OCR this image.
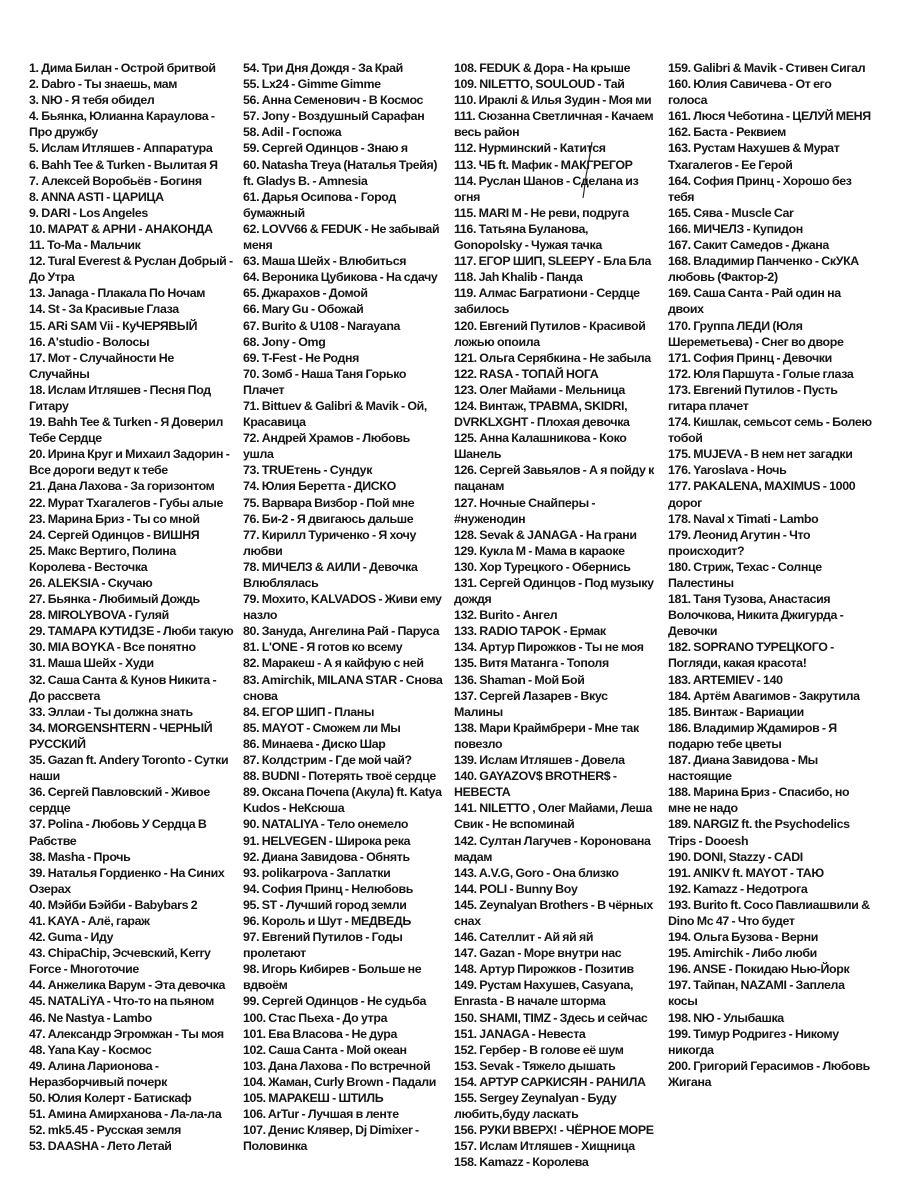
1. Дима Билан - Острой бритвой
2. Dabro - Ты знаешь, мам
3. NЮ - Я тебя обидел
4. Бьянка, Юлианна Караулова - Про дружбу
5. Ислам Итляшев - Аппаратура
6. Bahh Tee & Turken - Вылитая Я
7. Алексей Воробьёв - Богиня
8. ANNA ASTI - ЦАРИЦА
9. DARI - Los Angeles
10. МАРАТ & АРНИ - АНАКОНДА
11. То-Ма - Мальчик
12. Tural Everest & Руслан Добрый - До Утра
13. Janaga - Плакала По Ночам
14. St - За Красивые Глаза
15. ARi SAM Vii - КуЧЕРЯВЫЙ
16. A'studio - Волосы
17. Мот - Случайности Не Случайны
18. Ислам Итляшев - Песня Под Гитару
19. Bahh Tee & Turken - Я Доверил Тебе Сердце
20. Ирина Круг и Михаил Задорин - Все дороги ведут к тебе
21. Дана Лахова - За горизонтом
22. Мурат Тхагалегов - Губы алые
23. Марина Бриз - Ты со мной
24. Сергей Одинцов - ВИШНЯ
25. Макс Вертиго, Полина Королева - Весточка
26. ALEKSIA - Скучаю
27. Бьянка - Любимый Дождь
28. MIROLYBOVA - Гуляй
29. ТАМАРА КУТИДЗЕ - Люби такую
30. MIA BOYKA - Все понятно
31. Маша Шейх - Худи
32. Саша Санта & Кунов Никита - До рассвета
33. Эллаи - Ты должна знать
34. MORGENSHTERN - ЧЕРНЫЙ РУССКИЙ
35. Gazan ft. Andery Toronto - Сутки наши
36. Сергей Павловский - Живое сердце
37. Polina - Любовь У Сердца В Рабстве
38. Masha - Прочь
39. Наталья Гордиенко - На Синих Озерах
40. Мэйби Бэйби - Babybars 2
41. KAYA - Алё, гараж
42. Guma - Иду
43. ChipaChip, Эсчевский, Kerry Force - Многоточие
44. Анжелика Варум - Эта девочка
45. NATALiYA - Что-то на пьяном
46. Ne Nastya - Lambo
47. Александр Эгромжан - Ты моя
48. Yana Kay - Космос
49. Алина Ларионова - Неразборчивый почерк
50. Юлия Колерт - Батискаф
51. Амина Амирханова - Ла-ла-ла
52. mk5.45 - Русская земля
53. DAASHA - Лето Летай
54. Три Дня Дождя - За Край
55. Lx24 - Gimme Gimme
56. Анна Семенович - В Космос
57. Jony - Воздушный Сарафан
58. Adil - Госпожа
59. Сергей Одинцов - Знаю я
60. Natasha Treya (Наталья Трейя) ft. Gladys B. - Amnesia
61. Дарья Осипова - Город бумажный
62. LOVV66 & FEDUK - Не забывай меня
63. Маша Шейх - Влюбиться
64. Вероника Цубикова - На сдачу
65. Джарахов - Домой
66. Mary Gu - Обожай
67. Burito & U108 - Narayana
68. Jony - Omg
69. T-Fest - Не Родня
70. Зомб - Наша Таня Горько Плачет
71. Bittuev & Galibri & Mavik - Ой, Красавица
72. Андрей Храмов - Любовь ушла
73. TRUEтень - Сундук
74. Юлия Беретта - ДИСКО
75. Варвара Визбор - Пой мне
76. Би-2 - Я двигаюсь дальше
77. Кирилл Туриченко - Я хочу любви
78. МИЧЕЛЗ & АИЛИ - Девочка Влюблялась
79. Мохито, KALVADOS - Живи ему назло
80. Зануда, Ангелина Рай - Паруса
81. L'ONE - Я готов ко всему
82. Маракеш - А я кайфую с ней
83. Amirchik, MILANA STAR - Снова снова
84. ЕГОР ШИП - Планы
85. MAYOT - Сможем ли Мы
86. Минаева - Диско Шар
87. Колдстрим - Где мой чай?
88. BUDNI - Потерять твоё сердце
89. Оксана Почепа (Акула) ft. Katya Kudos - НеКсюша
90. NATALIYA - Тело онемело
91. HELVEGEN - Широка река
92. Диана Завидова - Обнять
93. polikarpova - Заплатки
94. София Принц - Нелюбовь
95. ST - Лучший город земли
96. Король и Шут - МЕДВЕДЬ
97. Евгений Путилов - Годы пролетают
98. Игорь Кибирев - Больше не вдвоём
99. Сергей Одинцов - Не судьба
100. Стас Пьеха - До утра
101. Ева Власова - Не дура
102. Саша Санта - Мой океан
103. Дана Лахова - По встречной
104. Жаман, Curly Brown - Падали
105. МАРАКЕШ - ШТИЛЬ
106. ArTur - Лучшая в ленте
107. Денис Клявер, Dj Dimixer - Половинка
108. FEDUK & Дора - На крыше
109. NILETTO, SOULOUD - Тай
110. Ираклі & Илья Зудин - Моя ми
111. Сюзанна Светличная - Качаем весь район
112. Нурминский - Катится
113. ЧБ ft. Мафик - МАКГРЕГОР
114. Руслан Шанов - Сделана из огня
115. MARI M - Не реви, подруга
116. Татьяна Буланова, Gonopolsky - Чужая тачка
117. ЕГОР ШИП, SLEEPY - Бла Бла
118. Jah Khalib - Панда
119. Алмас Багратиони - Сердце забилось
120. Евгений Путилов - Красивой ложью опоила
121. Ольга Серябкина - Не забыла
122. RASA - ТОПАЙ НОГА
123. Олег Майами - Мельница
124. Винтаж, ТРАВМА, SKIDRI, DVRKLXGHT - Плохая девочка
125. Анна Калашникова - Коко Шанель
126. Сергей Завьялов - А я пойду к пацанам
127. Ночные Снайперы - #нуженодин
128. Sevak & JANAGA - На грани
129. Кукла М - Мама в караоке
130. Хор Турецкого - Обернись
131. Сергей Одинцов - Под музыку дождя
132. Burito - Ангел
133. RADIO TAPOK - Ермак
134. Артур Пирожков - Ты не моя
135. Витя Матанга - Тополя
136. Shaman - Мой Бой
137. Сергей Лазарев - Вкус Малины
138. Мари Краймбрери - Мне так повезло
139. Ислам Итляшев - Довела
140. GAYAZOV$ BROTHER$ - НЕВЕСТА
141. NILETTO , Олег Майами, Леша Свик - Не вспоминай
142. Султан Лагучев - Коронована мадам
143. A.V.G, Goro - Она близко
144. POLI - Bunny Boy
145. Zeynalyan Brothers - В чёрных снах
146. Сателлит - Ай яй яй
147. Gazan - Море внутри нас
148. Артур Пирожков - Позитив
149. Рустам Нахушев, Casyana, Enrasta - В начале шторма
150. SHAMI, TIMZ - Здесь и сейчас
151. JANAGA - Невеста
152. Гербер - В голове её шум
153. Sevak - Тяжело дышать
154. АРТУР САРКИСЯН - РАНИЛА
155. Sergey Zeynalyan - Буду любить,буду ласкать
156. РУКИ ВВЕРХ! - ЧЁРНОЕ МОРЕ
157. Ислам Итляшев - Хищница
158. Kamazz - Королева
159. Galibri & Mavik - Стивен Сигал
160. Юлия Савичева - От его голоса
161. Люся Чеботина - ЦЕЛУЙ МЕНЯ
162. Баста - Реквием
163. Рустам Нахушев & Мурат Тхагалегов - Ее Герой
164. София Принц - Хорошо без тебя
165. Сява - Muscle Car
166. МИЧЕЛЗ - Купидон
167. Сакит Самедов - Джана
168. Владимир Панченко - СкУКА любовь (Фактор-2)
169. Саша Санта - Рай один на двоих
170. Группа ЛЕДИ (Юля Шереметьева) - Снег во дворе
171. София Принц - Девочки
172. Юля Паршута - Голые глаза
173. Евгений Путилов - Пусть гитара плачет
174. Кишлак, семьсот семь - Болею тобой
175. MUJEVA - В нем нет загадки
176. Yaroslava - Ночь
177. PAKALENA, MAXIMUS - 1000 дорог
178. Naval x Timati - Lambo
179. Леонид Агутин - Что происходит?
180. Стриж, Техас - Солнце Палестины
181. Таня Тузова, Анастасия Волочкова, Никита Джигурда - Девочки
182. SOPRANO ТУРЕЦКОГО - Погляди, какая красота!
183. ARTEMIEV - 140
184. Артём Авагимов - Закрутила
185. Винтаж - Вариации
186. Владимир Ждамиров - Я подарю тебе цветы
187. Диана Завидова - Мы настоящие
188. Марина Бриз - Спасибо, но мне не надо
189. NARGIZ ft. the Psychodelics Trips - Dooesh
190. DONI, Stazzy - CADI
191. ANIKV ft. MAYOT - ТАЮ
192. Kamazz - Недотрога
193. Burito ft. Coco Павлиашвили & Dino Mc 47 - Что будет
194. Ольга Бузова - Верни
195. Amirchik - Либо люби
196. ANSE - Покидаю Нью-Йорк
197. Тайпан, NAZAMI - Заплела косы
198. NЮ - Улыбашка
199. Тимур Родригез - Никому никогда
200. Григорий Герасимов - Любовь Жигана
